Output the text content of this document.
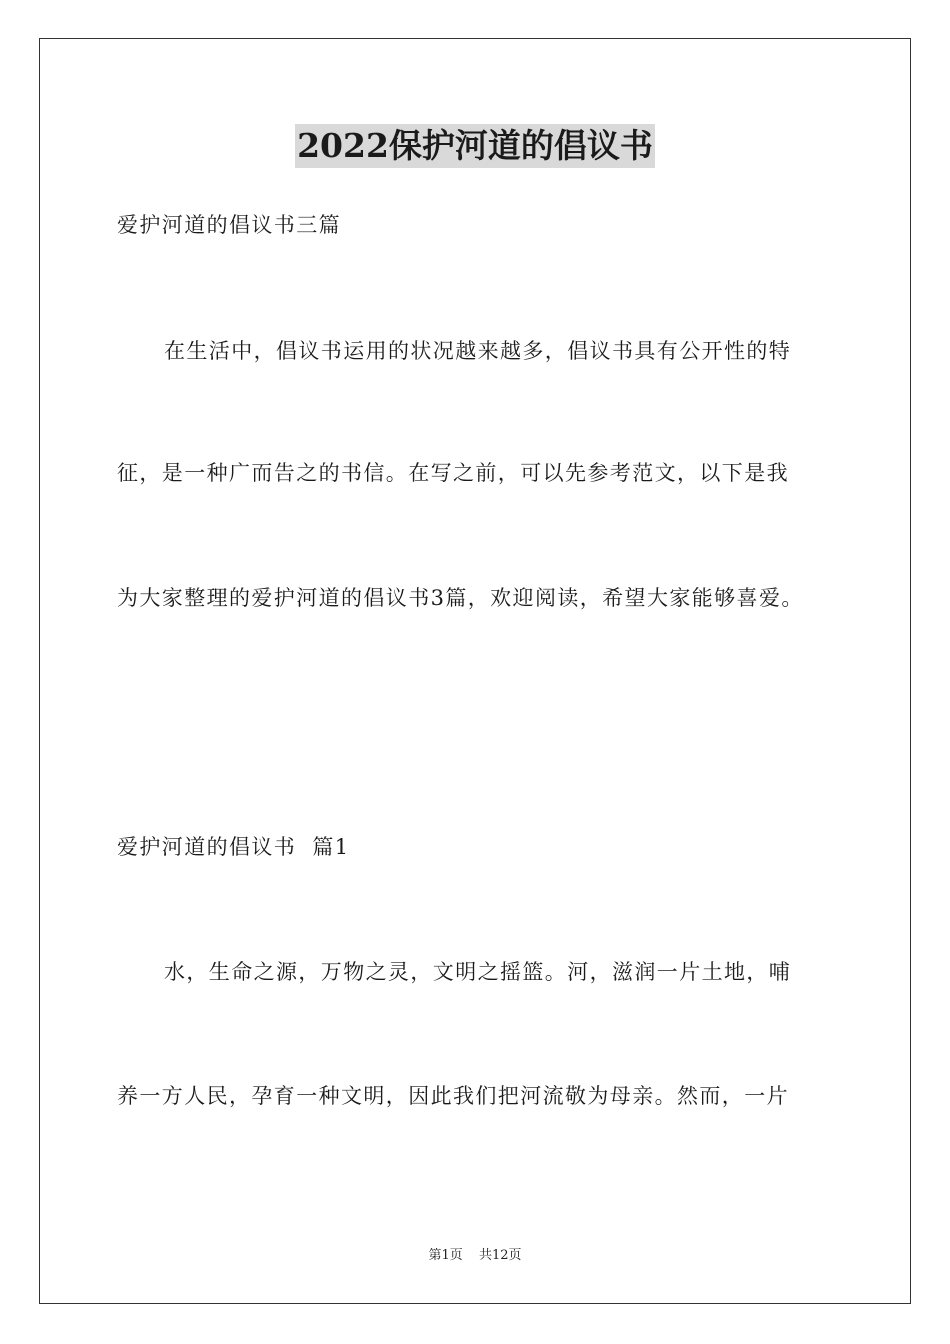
2022保护河道的倡议书
爱护河道的倡议书三篇
在生活中，倡议书运用的状况越来越多，倡议书具有公开性的特
征，是一种广而告之的书信。在写之前，可以先参考范文，以下是我
为大家整理的爱护河道的倡议书3篇，欢迎阅读，希望大家能够喜爱。
爱护河道的倡议书  篇1
水，生命之源，万物之灵，文明之摇篮。河，滋润一片土地，哺
养一方人民，孕育一种文明，因此我们把河流敬为母亲。然而，一片
第1页 共12页
